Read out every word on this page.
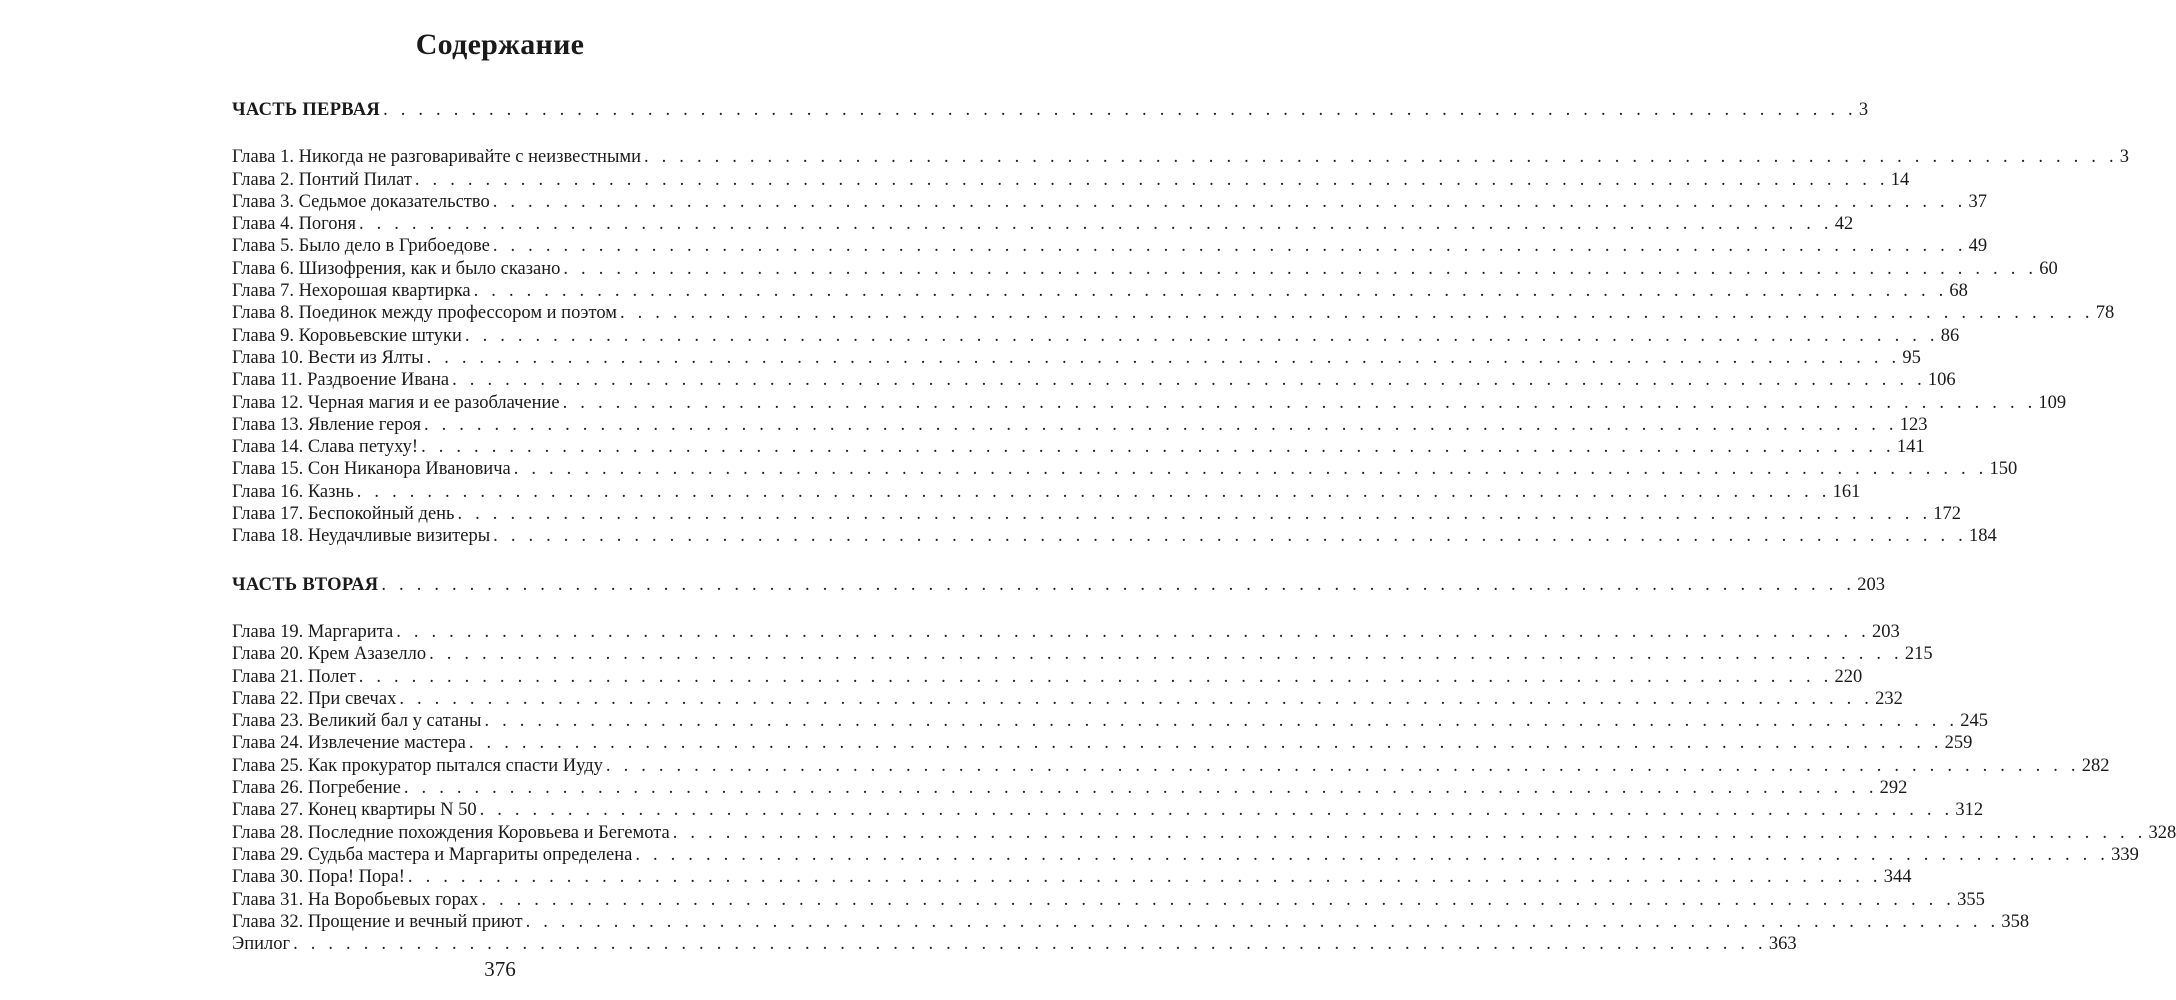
Содержание
ЧАСТЬ ПЕРВАЯ . . . . . . . . . . . . . . . . . . . . . . . . . . . . . . . . . . . . . . . . . . . . . . . . . . . . . . . . . . . . . . . . . . . . . . . . . . . . . . . . . . . . 3
Глава 1. Никогда не разговаривайте с неизвестными . . . . . . . . . . . . . . . . . . . . . . . . . . . . . . . . . . . . . . . . . . . . . . . . . . . . . . . . . . . . . . . . . . . . . . . . . . . . . . . . . . . . 3
Глава 2. Понтий Пилат . . . . . . . . . . . . . . . . . . . . . . . . . . . . . . . . . . . . . . . . . . . . . . . . . . . . . . . . . . . . . . . . . . . . . . . . . . . . . . . . . . . . 14
Глава 3. Седьмое доказательство . . . . . . . . . . . . . . . . . . . . . . . . . . . . . . . . . . . . . . . . . . . . . . . . . . . . . . . . . . . . . . . . . . . . . . . . . . . . . . . . . . . . 37
Глава 4. Погоня . . . . . . . . . . . . . . . . . . . . . . . . . . . . . . . . . . . . . . . . . . . . . . . . . . . . . . . . . . . . . . . . . . . . . . . . . . . . . . . . . . . . 42
Глава 5. Было дело в Грибоедове . . . . . . . . . . . . . . . . . . . . . . . . . . . . . . . . . . . . . . . . . . . . . . . . . . . . . . . . . . . . . . . . . . . . . . . . . . . . . . . . . . . . 49
Глава 6. Шизофрения, как и было сказано . . . . . . . . . . . . . . . . . . . . . . . . . . . . . . . . . . . . . . . . . . . . . . . . . . . . . . . . . . . . . . . . . . . . . . . . . . . . . . . . . . . . 60
Глава 7. Нехорошая квартирка . . . . . . . . . . . . . . . . . . . . . . . . . . . . . . . . . . . . . . . . . . . . . . . . . . . . . . . . . . . . . . . . . . . . . . . . . . . . . . . . . . . . 68
Глава 8. Поединок между профессором и поэтом . . . . . . . . . . . . . . . . . . . . . . . . . . . . . . . . . . . . . . . . . . . . . . . . . . . . . . . . . . . . . . . . . . . . . . . . . . . . . . . . . . . . 78
Глава 9. Коровьевские штуки . . . . . . . . . . . . . . . . . . . . . . . . . . . . . . . . . . . . . . . . . . . . . . . . . . . . . . . . . . . . . . . . . . . . . . . . . . . . . . . . . . . . 86
Глава 10. Вести из Ялты . . . . . . . . . . . . . . . . . . . . . . . . . . . . . . . . . . . . . . . . . . . . . . . . . . . . . . . . . . . . . . . . . . . . . . . . . . . . . . . . . . . . 95
Глава 11. Раздвоение Ивана . . . . . . . . . . . . . . . . . . . . . . . . . . . . . . . . . . . . . . . . . . . . . . . . . . . . . . . . . . . . . . . . . . . . . . . . . . . . . . . . . . . . 106
Глава 12. Черная магия и ее разоблачение . . . . . . . . . . . . . . . . . . . . . . . . . . . . . . . . . . . . . . . . . . . . . . . . . . . . . . . . . . . . . . . . . . . . . . . . . . . . . . . . . . . . 109
Глава 13. Явление героя . . . . . . . . . . . . . . . . . . . . . . . . . . . . . . . . . . . . . . . . . . . . . . . . . . . . . . . . . . . . . . . . . . . . . . . . . . . . . . . . . . . . 123
Глава 14. Слава петуху! . . . . . . . . . . . . . . . . . . . . . . . . . . . . . . . . . . . . . . . . . . . . . . . . . . . . . . . . . . . . . . . . . . . . . . . . . . . . . . . . . . . . 141
Глава 15. Сон Никанора Ивановича . . . . . . . . . . . . . . . . . . . . . . . . . . . . . . . . . . . . . . . . . . . . . . . . . . . . . . . . . . . . . . . . . . . . . . . . . . . . . . . . . . . . 150
Глава 16. Казнь . . . . . . . . . . . . . . . . . . . . . . . . . . . . . . . . . . . . . . . . . . . . . . . . . . . . . . . . . . . . . . . . . . . . . . . . . . . . . . . . . . . . 161
Глава 17. Беспокойный день . . . . . . . . . . . . . . . . . . . . . . . . . . . . . . . . . . . . . . . . . . . . . . . . . . . . . . . . . . . . . . . . . . . . . . . . . . . . . . . . . . . . 172
Глава 18. Неудачливые визитеры . . . . . . . . . . . . . . . . . . . . . . . . . . . . . . . . . . . . . . . . . . . . . . . . . . . . . . . . . . . . . . . . . . . . . . . . . . . . . . . . . . . . 184
ЧАСТЬ ВТОРАЯ . . . . . . . . . . . . . . . . . . . . . . . . . . . . . . . . . . . . . . . . . . . . . . . . . . . . . . . . . . . . . . . . . . . . . . . . . . . . . . . . . . . . 203
Глава 19. Маргарита . . . . . . . . . . . . . . . . . . . . . . . . . . . . . . . . . . . . . . . . . . . . . . . . . . . . . . . . . . . . . . . . . . . . . . . . . . . . . . . . . . . . 203
Глава 20. Крем Азазелло . . . . . . . . . . . . . . . . . . . . . . . . . . . . . . . . . . . . . . . . . . . . . . . . . . . . . . . . . . . . . . . . . . . . . . . . . . . . . . . . . . . . 215
Глава 21. Полет . . . . . . . . . . . . . . . . . . . . . . . . . . . . . . . . . . . . . . . . . . . . . . . . . . . . . . . . . . . . . . . . . . . . . . . . . . . . . . . . . . . . 220
Глава 22. При свечах . . . . . . . . . . . . . . . . . . . . . . . . . . . . . . . . . . . . . . . . . . . . . . . . . . . . . . . . . . . . . . . . . . . . . . . . . . . . . . . . . . . . 232
Глава 23. Великий бал у сатаны . . . . . . . . . . . . . . . . . . . . . . . . . . . . . . . . . . . . . . . . . . . . . . . . . . . . . . . . . . . . . . . . . . . . . . . . . . . . . . . . . . . . 245
Глава 24. Извлечение мастера . . . . . . . . . . . . . . . . . . . . . . . . . . . . . . . . . . . . . . . . . . . . . . . . . . . . . . . . . . . . . . . . . . . . . . . . . . . . . . . . . . . . 259
Глава 25. Как прокуратор пытался спасти Иуду . . . . . . . . . . . . . . . . . . . . . . . . . . . . . . . . . . . . . . . . . . . . . . . . . . . . . . . . . . . . . . . . . . . . . . . . . . . . . . . . . . . . 282
Глава 26. Погребение . . . . . . . . . . . . . . . . . . . . . . . . . . . . . . . . . . . . . . . . . . . . . . . . . . . . . . . . . . . . . . . . . . . . . . . . . . . . . . . . . . . . 292
Глава 27. Конец квартиры N 50 . . . . . . . . . . . . . . . . . . . . . . . . . . . . . . . . . . . . . . . . . . . . . . . . . . . . . . . . . . . . . . . . . . . . . . . . . . . . . . . . . . . . 312
Глава 28. Последние похождения Коровьева и Бегемота . . . . . . . . . . . . . . . . . . . . . . . . . . . . . . . . . . . . . . . . . . . . . . . . . . . . . . . . . . . . . . . . . . . . . . . . . . . . . . . . . . . . 328
Глава 29. Судьба мастера и Маргариты определена . . . . . . . . . . . . . . . . . . . . . . . . . . . . . . . . . . . . . . . . . . . . . . . . . . . . . . . . . . . . . . . . . . . . . . . . . . . . . . . . . . . . 339
Глава 30. Пора! Пора! . . . . . . . . . . . . . . . . . . . . . . . . . . . . . . . . . . . . . . . . . . . . . . . . . . . . . . . . . . . . . . . . . . . . . . . . . . . . . . . . . . . . 344
Глава 31. На Воробьевых горах . . . . . . . . . . . . . . . . . . . . . . . . . . . . . . . . . . . . . . . . . . . . . . . . . . . . . . . . . . . . . . . . . . . . . . . . . . . . . . . . . . . . 355
Глава 32. Прощение и вечный приют . . . . . . . . . . . . . . . . . . . . . . . . . . . . . . . . . . . . . . . . . . . . . . . . . . . . . . . . . . . . . . . . . . . . . . . . . . . . . . . . . . . . 358
Эпилог . . . . . . . . . . . . . . . . . . . . . . . . . . . . . . . . . . . . . . . . . . . . . . . . . . . . . . . . . . . . . . . . . . . . . . . . . . . . . . . . . . . . 363
376
